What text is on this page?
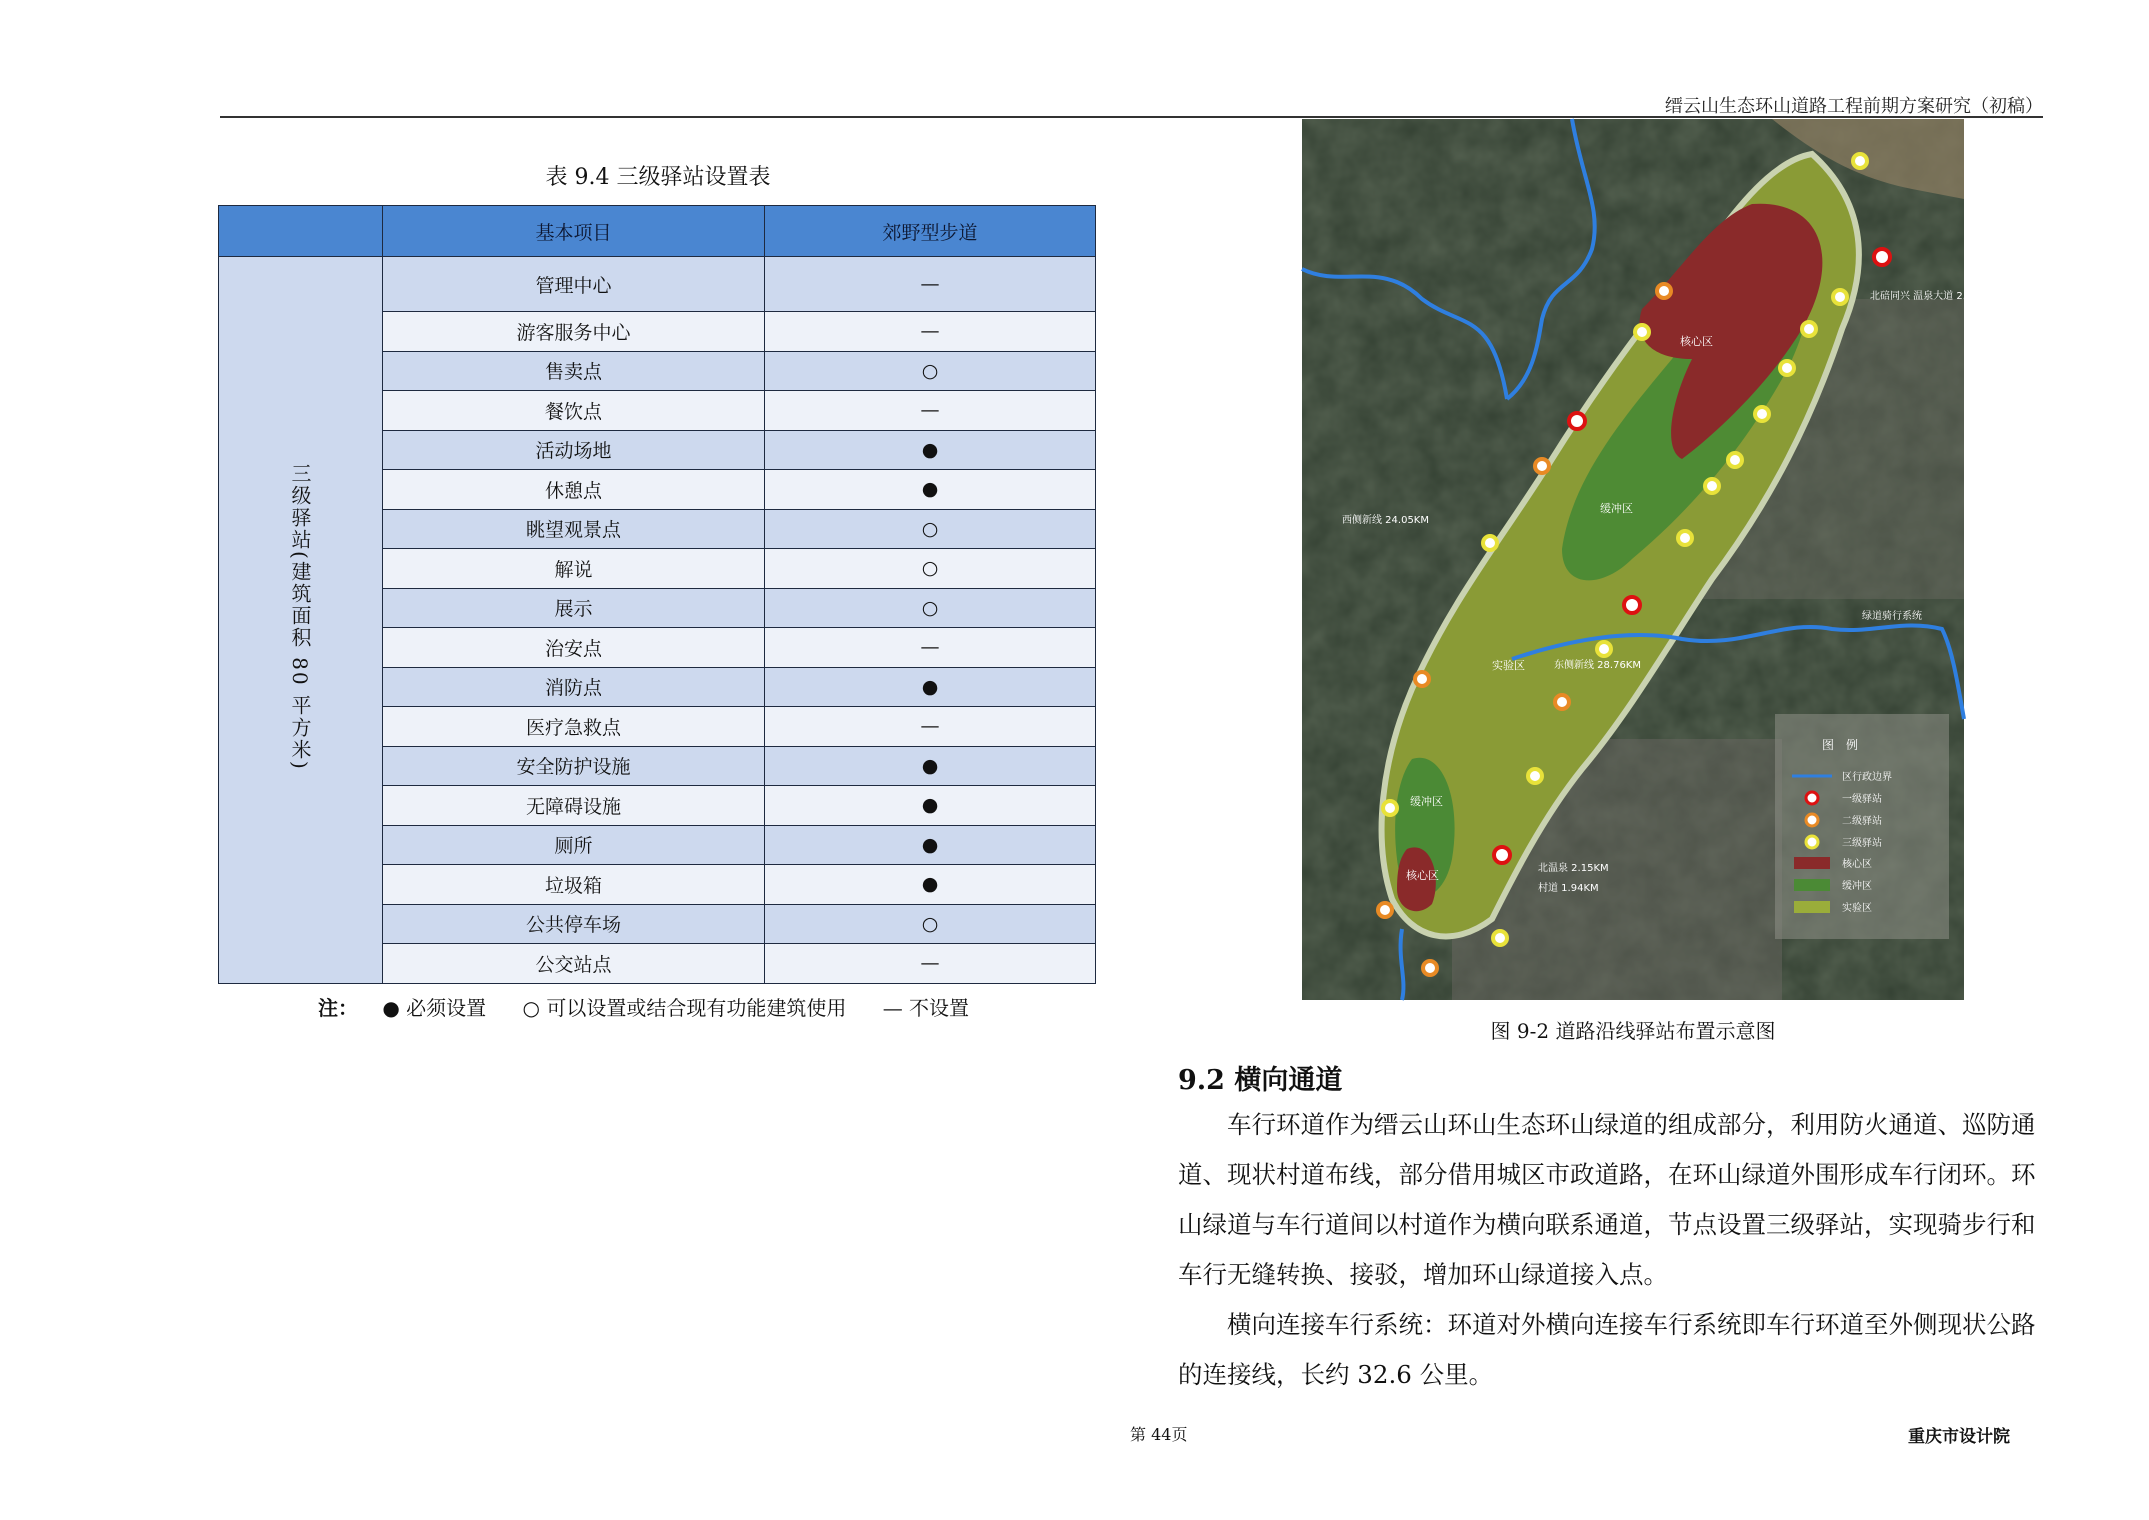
缙云山生态环山道路工程前期方案研究（初稿）
表 9.4 三级驿站设置表
	基本项目	郊野型步道
三级驿站(建筑面积 80 平方米)	管理中心	—
	游客服务中心	—
	售卖点	○
	餐饮点	—
	活动场地	●
	休憩点	●
	眺望观景点	○
	解说	○
	展示	○
	治安点	—
	消防点	●
	医疗急救点	—
	安全防护设施	●
	无障碍设施	●
	厕所	●
	垃圾箱	●
	公共停车场	○
	公交站点	—
注： ● 必须设置 ○ 可以设置或结合现有功能建筑使用 — 不设置
核心区
缓冲区
实验区
缓冲区
核心区
北碚同兴 温泉大道 2.5KM
西侧新线 24.05KM
东侧新线 28.76KM
北温泉 2.15KM
村道 1.94KM
绿道骑行系统
图　例
区行政边界
一级驿站
二级驿站
三级驿站
核心区
缓冲区
实验区
图 9-2 道路沿线驿站布置示意图
9.2 横向通道

车行环道作为缙云山环山生态环山绿道的组成部分，利用防火通道、巡防通道、现状村道布线，部分借用城区市政道路，在环山绿道外围形成车行闭环。环山绿道与车行道间以村道作为横向联系通道，节点设置三级驿站，实现骑步行和车行无缝转换、接驳，增加环山绿道接入点。

横向连接车行系统：环道对外横向连接车行系统即车行环道至外侧现状公路的连接线，长约 32.6 公里。

第 44页	重庆市设计院
